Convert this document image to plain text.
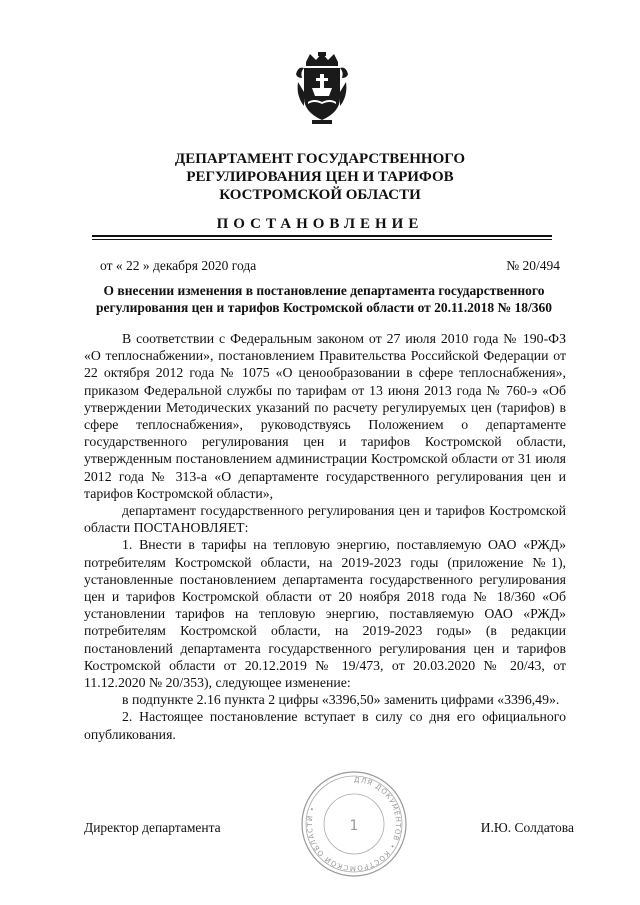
ДЕПАРТАМЕНТ ГОСУДАРСТВЕННОГО
РЕГУЛИРОВАНИЯ ЦЕН И ТАРИФОВ
КОСТРОМСКОЙ ОБЛАСТИ
ПОСТАНОВЛЕНИЕ
от « 22 » декабря 2020 года	№ 20/494
О внесении изменения в постановление департамента государственного
регулирования цен и тарифов Костромской области от 20.11.2018 № 18/360

В соответствии с Федеральным законом от 27 июля 2010 года № 190-ФЗ «О теплоснабжении», постановлением Правительства Российской Федерации от 22 октября 2012 года № 1075 «О ценообразовании в сфере теплоснабжения», приказом Федеральной службы по тарифам от 13 июня 2013 года № 760-э «Об утверждении Методических указаний по расчету регулируемых цен (тарифов) в сфере теплоснабжения», руководствуясь Положением о департаменте государственного регулирования цен и тарифов Костромской области, утвержденным постановлением администрации Костромской области от 31 июля 2012 года № 313-а «О департаменте государственного регулирования цен и тарифов Костромской области»,

департамент государственного регулирования цен и тарифов Костромской области ПОСТАНОВЛЯЕТ:

1. Внести в тарифы на тепловую энергию, поставляемую ОАО «РЖД» потребителям Костромской области, на 2019-2023 годы (приложение №1), установленные постановлением департамента государственного регулирования цен и тарифов Костромской области от 20 ноября 2018 года № 18/360 «Об установлении тарифов на тепловую энергию, поставляемую ОАО «РЖД» потребителям Костромской области, на 2019-2023 годы» (в редакции постановлений департамента государственного регулирования цен и тарифов Костромской области от 20.12.2019 № 19/473, от 20.03.2020 № 20/43, от 11.12.2020 № 20/353), следующее изменение:

в подпункте 2.16 пункта 2 цифры «3396,50» заменить цифрами «3396,49».

2. Настоящее постановление вступает в силу со дня его официального опубликования.

ДЛЯ ДОКУМЕНТОВ • КОСТРОМСКОЙ ОБЛАСТИ •
1
Директор департамента	И.Ю. Солдатова
